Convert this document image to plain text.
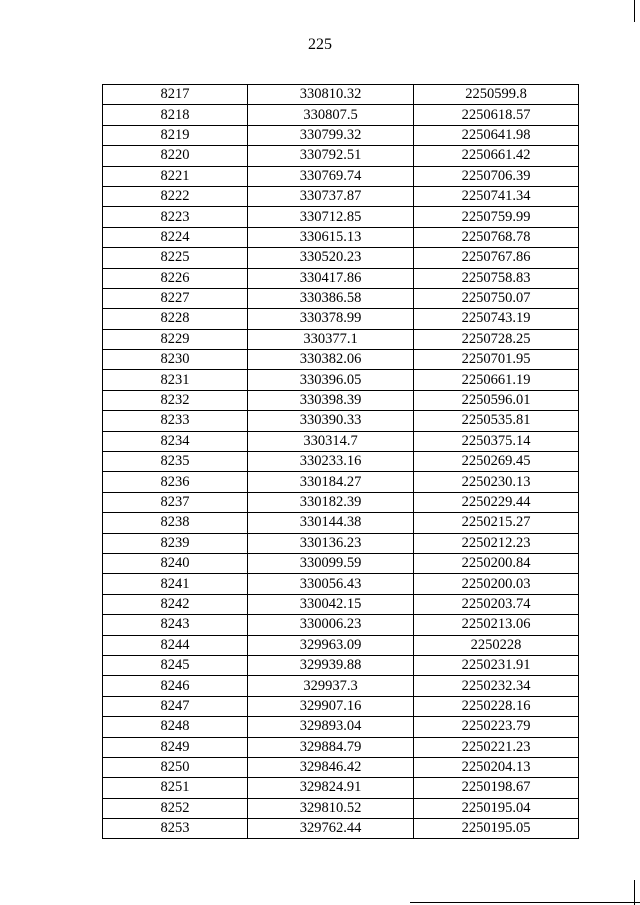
225
8217	330810.32	2250599.8
8218	330807.5	2250618.57
8219	330799.32	2250641.98
8220	330792.51	2250661.42
8221	330769.74	2250706.39
8222	330737.87	2250741.34
8223	330712.85	2250759.99
8224	330615.13	2250768.78
8225	330520.23	2250767.86
8226	330417.86	2250758.83
8227	330386.58	2250750.07
8228	330378.99	2250743.19
8229	330377.1	2250728.25
8230	330382.06	2250701.95
8231	330396.05	2250661.19
8232	330398.39	2250596.01
8233	330390.33	2250535.81
8234	330314.7	2250375.14
8235	330233.16	2250269.45
8236	330184.27	2250230.13
8237	330182.39	2250229.44
8238	330144.38	2250215.27
8239	330136.23	2250212.23
8240	330099.59	2250200.84
8241	330056.43	2250200.03
8242	330042.15	2250203.74
8243	330006.23	2250213.06
8244	329963.09	2250228
8245	329939.88	2250231.91
8246	329937.3	2250232.34
8247	329907.16	2250228.16
8248	329893.04	2250223.79
8249	329884.79	2250221.23
8250	329846.42	2250204.13
8251	329824.91	2250198.67
8252	329810.52	2250195.04
8253	329762.44	2250195.05
